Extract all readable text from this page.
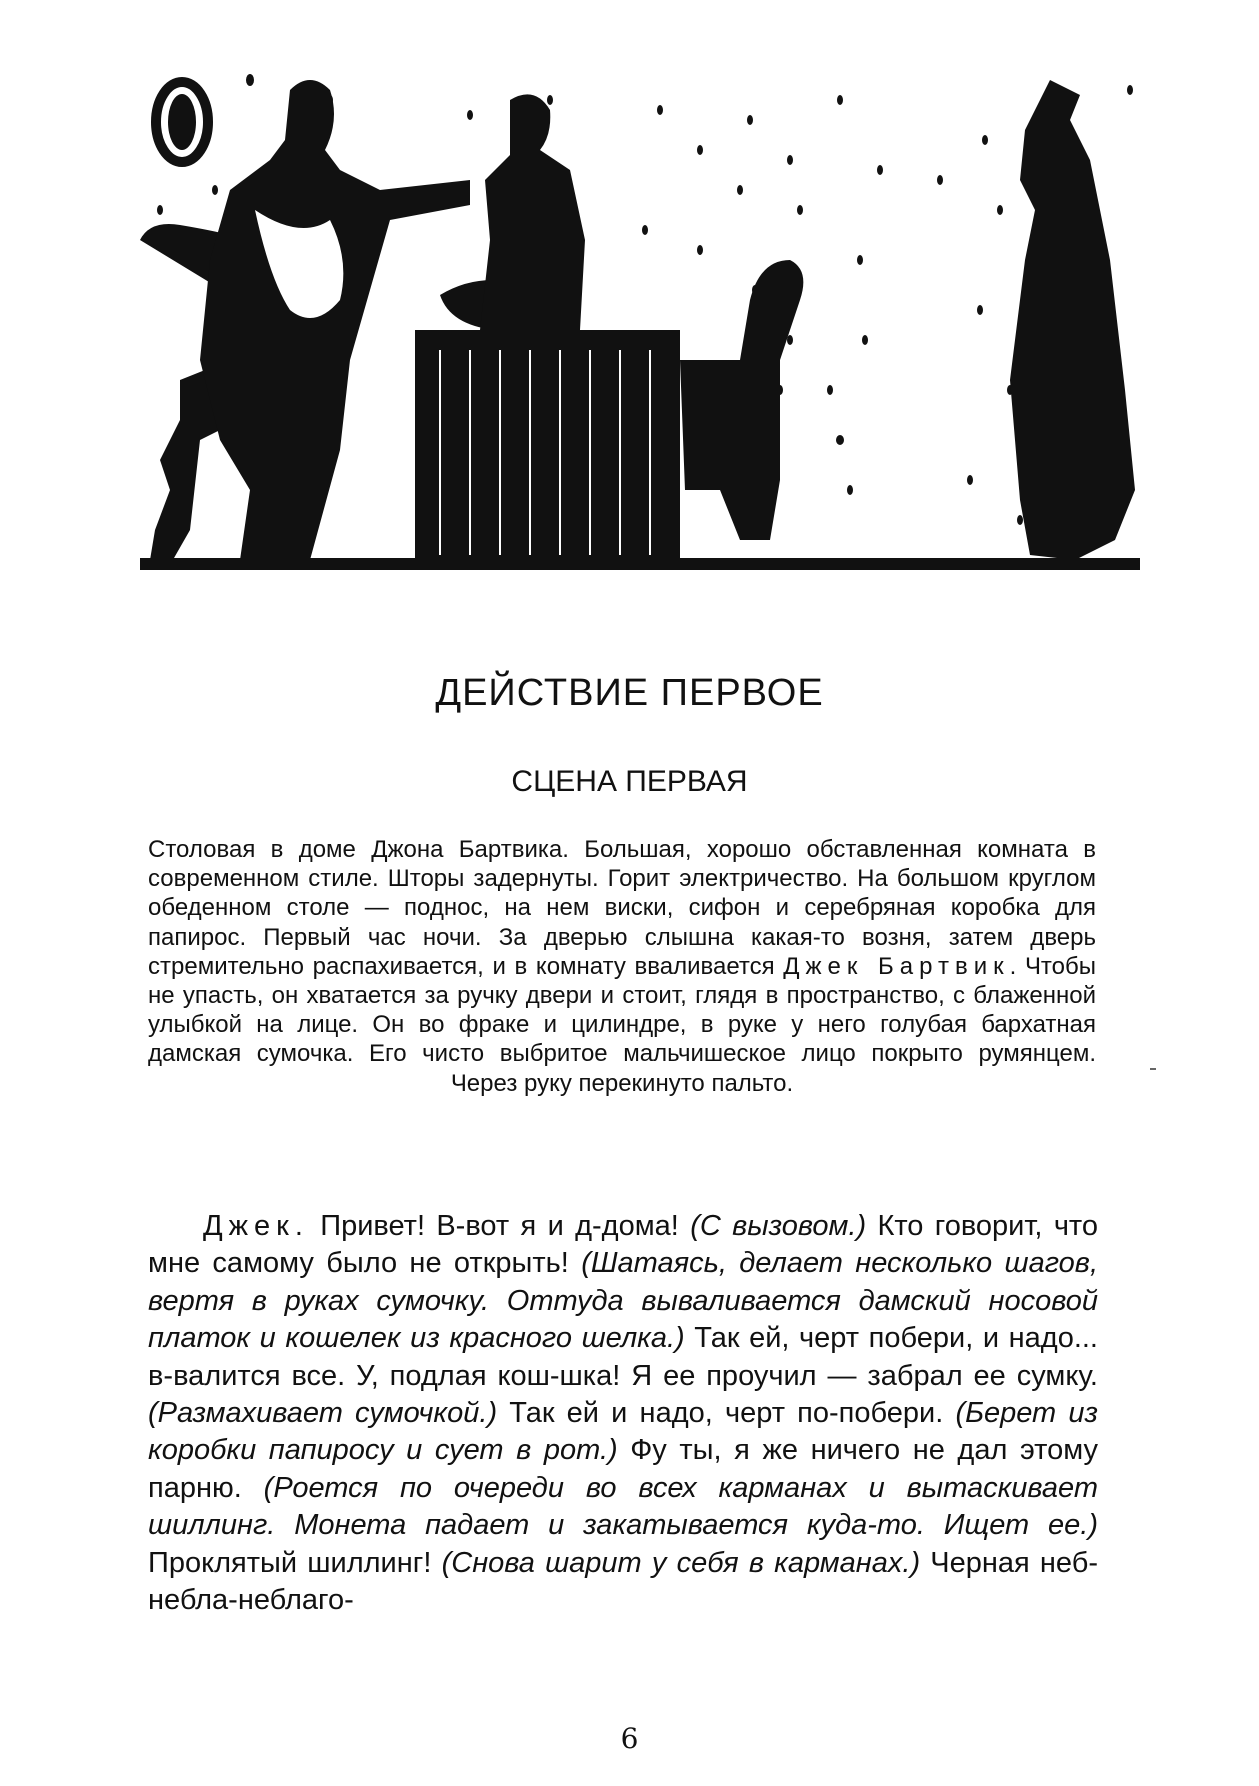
ДЕЙСТВИЕ ПЕРВОЕ
СЦЕНА ПЕРВАЯ

Столовая в доме Джона Бартвика. Большая, хорошо обставленная комната в современном стиле. Шторы задернуты. Горит электричество. На большом круглом обеденном столе — поднос, на нем виски, сифон и серебряная коробка для папирос. Первый час ночи. За дверью слышна какая-то возня, затем дверь стремительно распахивается, и в комнату вваливается Джек Бартвик. Чтобы не упасть, он хватается за ручку двери и стоит, глядя в пространство, с блаженной улыбкой на лице. Он во фраке и цилиндре, в руке у него голубая бархатная дамская сумочка. Его чисто выбритое мальчишеское лицо покрыто румянцем. Через руку перекинуто пальто.

Джек. Привет! В-вот я и д-дома! (С вызовом.) Кто говорит, что мне самому было не открыть! (Шатаясь, делает несколько шагов, вертя в руках сумочку. Оттуда вываливается дамский носовой платок и кошелек из красного шелка.) Так ей, черт побери, и надо... в-валится все. У, подлая кош-шка! Я ее проучил — забрал ее сумку. (Размахивает сумочкой.) Так ей и надо, черт по-побери. (Берет из коробки папиросу и сует в рот.) Фу ты, я же ничего не дал этому парню. (Роется по очереди во всех карманах и вытаскивает шиллинг. Монета падает и закатывается куда-то. Ищет ее.) Проклятый шиллинг! (Снова шарит у себя в карманах.) Черная неб-небла-неблаго-

6
